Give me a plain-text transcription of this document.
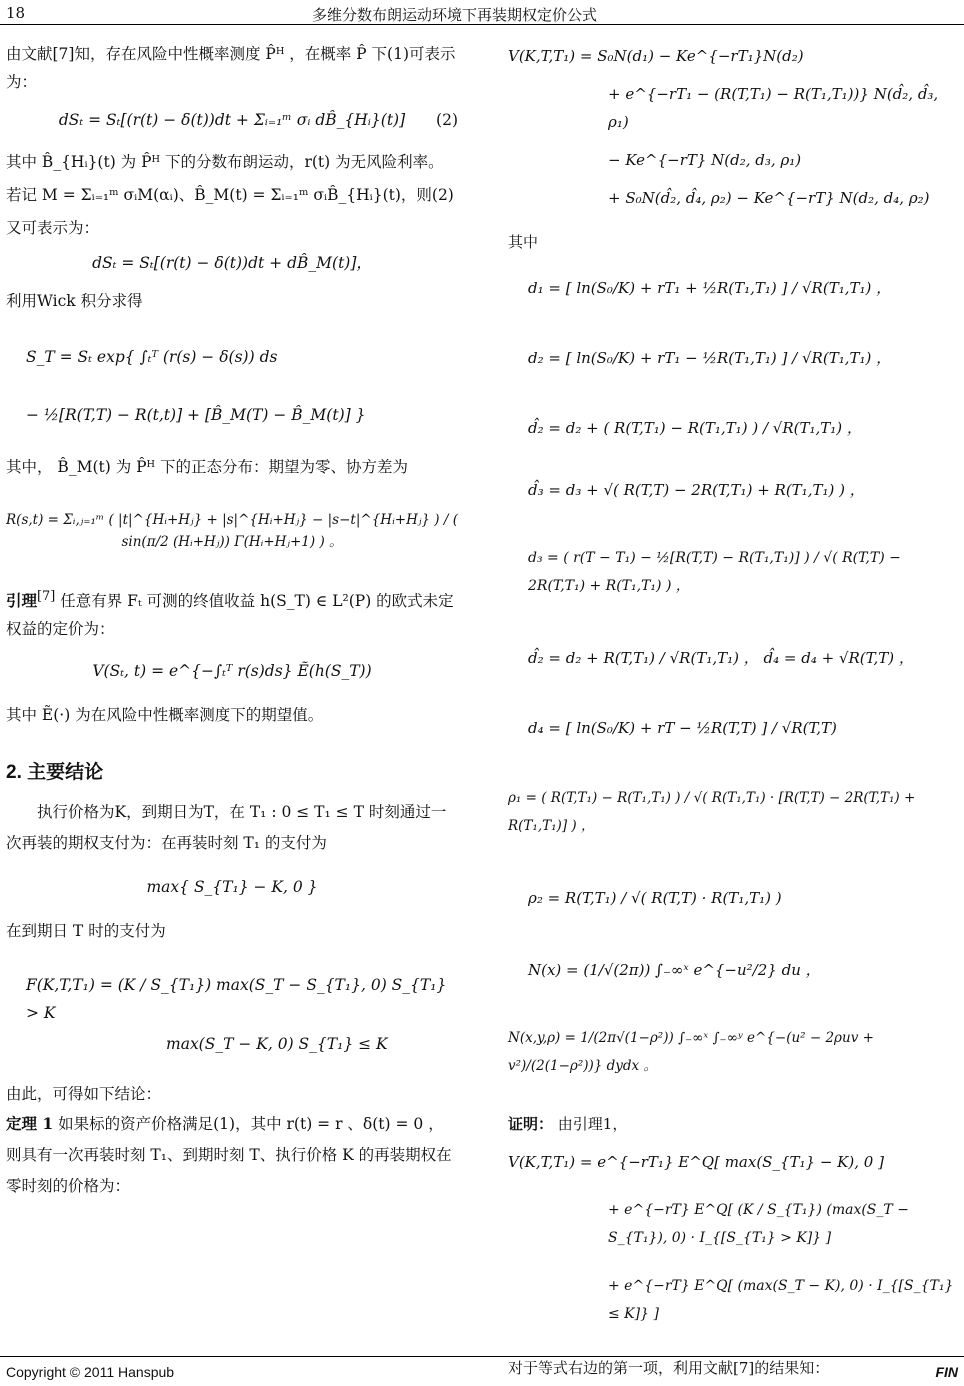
18	多维分数布朗运动环境下再装期权定价公式

由文献[7]知，存在风险中性概率测度 P̂ᴴ ，在概率 P̂ 下(1)可表示为：

dSₜ = Sₜ[(r(t) − δ(t))dt + Σᵢ₌₁ᵐ σᵢ dB̂_{Hᵢ}(t)] (2)

其中 B̂_{Hᵢ}(t) 为 P̂ᴴ 下的分数布朗运动，r(t) 为无风险利率。若记 M = Σᵢ₌₁ᵐ σᵢM(αᵢ)、B̂_M(t) = Σᵢ₌₁ᵐ σᵢB̂_{Hᵢ}(t)，则(2)又可表示为：

dSₜ = Sₜ[(r(t) − δ(t))dt + dB̂_M(t)]，

利用Wick 积分求得

S_T = Sₜ exp{ ∫ₜᵀ (r(s) − δ(s)) ds
− ½[R(T,T) − R(t,t)] + [B̂_M(T) − B̂_M(t)] }

其中， B̂_M(t) 为 P̂ᴴ 下的正态分布：期望为零、协方差为

R(s,t) = Σᵢ,ⱼ₌₁ᵐ ( |t|^{Hᵢ+Hⱼ} + |s|^{Hᵢ+Hⱼ} − |s−t|^{Hᵢ+Hⱼ} ) / ( sin(π/2 (Hᵢ+Hⱼ)) Γ(Hᵢ+Hⱼ+1) ) 。

引理[7] 任意有界 Fₜ 可测的终值收益 h(S_T) ∈ L²(P) 的欧式未定权益的定价为：

V(Sₜ, t) = e^{−∫ₜᵀ r(s)ds} Ẽ(h(S_T))

其中 Ẽ(·) 为在风险中性概率测度下的期望值。

2. 主要结论

执行价格为K，到期日为T，在 T₁ : 0 ≤ T₁ ≤ T 时刻通过一次再装的期权支付为：在再装时刻 T₁ 的支付为

max{ S_{T₁} − K, 0 }

在到期日 T 时的支付为

F(K,T,T₁) = (K / S_{T₁}) max(S_T − S_{T₁}, 0) S_{T₁} > K
max(S_T − K, 0) S_{T₁} ≤ K

由此，可得如下结论：

定理 1 如果标的资产价格满足(1)，其中 r(t) = r 、δ(t) = 0 ，则具有一次再装时刻 T₁、到期时刻 T、执行价格 K 的再装期权在零时刻的价格为：

V(K,T,T₁) = S₀N(d₁) − Ke^{−rT₁}N(d₂)
+ e^{−rT₁ − (R(T,T₁) − R(T₁,T₁))} N(d̂₂, d̂₃, ρ₁)
− Ke^{−rT} N(d₂, d₃, ρ₁)
+ S₀N(d̂₂, d̂₄, ρ₂) − Ke^{−rT} N(d₂, d₄, ρ₂)

其中

d₁ = [ ln(S₀/K) + rT₁ + ½R(T₁,T₁) ] / √R(T₁,T₁) ，
d₂ = [ ln(S₀/K) + rT₁ − ½R(T₁,T₁) ] / √R(T₁,T₁) ，
d̂₂ = d₂ + ( R(T,T₁) − R(T₁,T₁) ) / √R(T₁,T₁) ，
d̂₃ = d₃ + √( R(T,T) − 2R(T,T₁) + R(T₁,T₁) ) ，
d₃ = ( r(T − T₁) − ½[R(T,T) − R(T₁,T₁)] ) / √( R(T,T) − 2R(T,T₁) + R(T₁,T₁) ) ，
d̂₂ = d₂ + R(T,T₁) / √R(T₁,T₁) ， d̂₄ = d₄ + √R(T,T) ，
d₄ = [ ln(S₀/K) + rT − ½R(T,T) ] / √R(T,T)
ρ₁ = ( R(T,T₁) − R(T₁,T₁) ) / √( R(T₁,T₁) · [R(T,T) − 2R(T,T₁) + R(T₁,T₁)] ) ，
ρ₂ = R(T,T₁) / √( R(T,T) · R(T₁,T₁) )
N(x) = (1/√(2π)) ∫₋∞ˣ e^{−u²/2} du ，
N(x,y,ρ) = 1/(2π√(1−ρ²)) ∫₋∞ˣ ∫₋∞ʸ e^{−(u² − 2ρuv + v²)/(2(1−ρ²))} dydx 。

证明： 由引理1，

V(K,T,T₁) = e^{−rT₁} E^Q[ max(S_{T₁} − K), 0 ]
+ e^{−rT} E^Q[ (K / S_{T₁}) (max(S_T − S_{T₁}), 0) · I_{[S_{T₁} > K]} ]
+ e^{−rT} E^Q[ (max(S_T − K), 0) · I_{[S_{T₁} ≤ K]} ]

对于等式右边的第一项，利用文献[7]的结果知：

Copyright © 2011 Hanspub	FIN
